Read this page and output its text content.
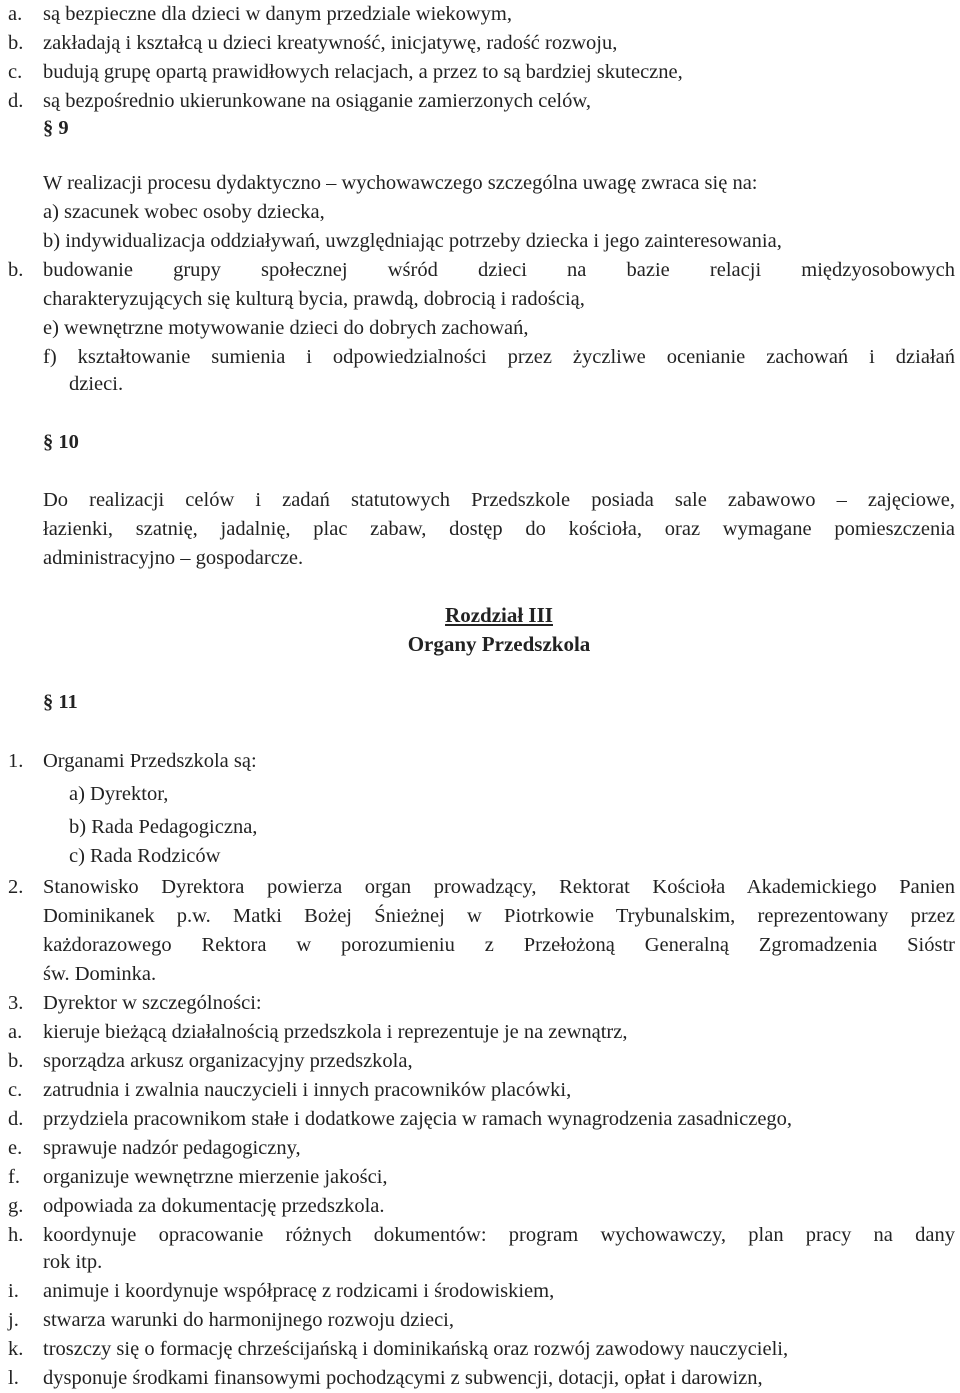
a. są bezpieczne dla dzieci w danym przedziale wiekowym,
b. zakładają i kształcą u dzieci kreatywność, inicjatywę, radość rozwoju,
c. budują grupę opartą prawidłowych relacjach, a przez to są bardziej skuteczne,
d. są bezpośrednio ukierunkowane na osiąganie zamierzonych celów,
§ 9
W realizacji procesu dydaktyczno – wychowawczego szczególna uwagę zwraca się na:
a) szacunek wobec osoby dziecka,
b) indywidualizacja oddziaływań, uwzględniając potrzeby dziecka i jego zainteresowania,
b. budowanie grupy społecznej wśród dzieci na bazie relacji międzyosobowych
charakteryzujących się kulturą bycia, prawdą, dobrocią i radością,
e) wewnętrzne motywowanie dzieci do dobrych zachowań,
f) kształtowanie sumienia i odpowiedzialności przez życzliwe ocenianie zachowań i działań
dzieci.
§ 10
Do realizacji celów i zadań statutowych Przedszkole posiada sale zabawowo – zajęciowe,
łazienki, szatnię, jadalnię, plac zabaw, dostęp do kościoła, oraz wymagane pomieszczenia
administracyjno – gospodarcze.
Rozdział III
Organy Przedszkola
§ 11
1. Organami Przedszkola są:
a) Dyrektor,
b) Rada Pedagogiczna,
c) Rada Rodziców
2. Stanowisko Dyrektora powierza organ prowadzący, Rektorat Kościoła Akademickiego Panien
Dominikanek p.w. Matki Bożej Śnieżnej w Piotrkowie Trybunalskim, reprezentowany przez
każdorazowego Rektora w porozumieniu z Przełożoną Generalną Zgromadzenia Sióstr
św. Dominka.
3. Dyrektor w szczególności:
a. kieruje bieżącą działalnością przedszkola i reprezentuje je na zewnątrz,
b. sporządza arkusz organizacyjny przedszkola,
c. zatrudnia i zwalnia nauczycieli i innych pracowników placówki,
d. przydziela pracownikom stałe i dodatkowe zajęcia w ramach wynagrodzenia zasadniczego,
e. sprawuje nadzór pedagogiczny,
f. organizuje wewnętrzne mierzenie jakości,
g. odpowiada za dokumentację przedszkola.
h. koordynuje opracowanie różnych dokumentów: program wychowawczy, plan pracy na dany
rok itp.
i. animuje i koordynuje współpracę z rodzicami i środowiskiem,
j. stwarza warunki do harmonijnego rozwoju dzieci,
k. troszczy się o formację chrześcijańską i dominikańską oraz rozwój zawodowy nauczycieli,
l. dysponuje środkami finansowymi pochodzącymi z subwencji, dotacji, opłat i darowizn,
